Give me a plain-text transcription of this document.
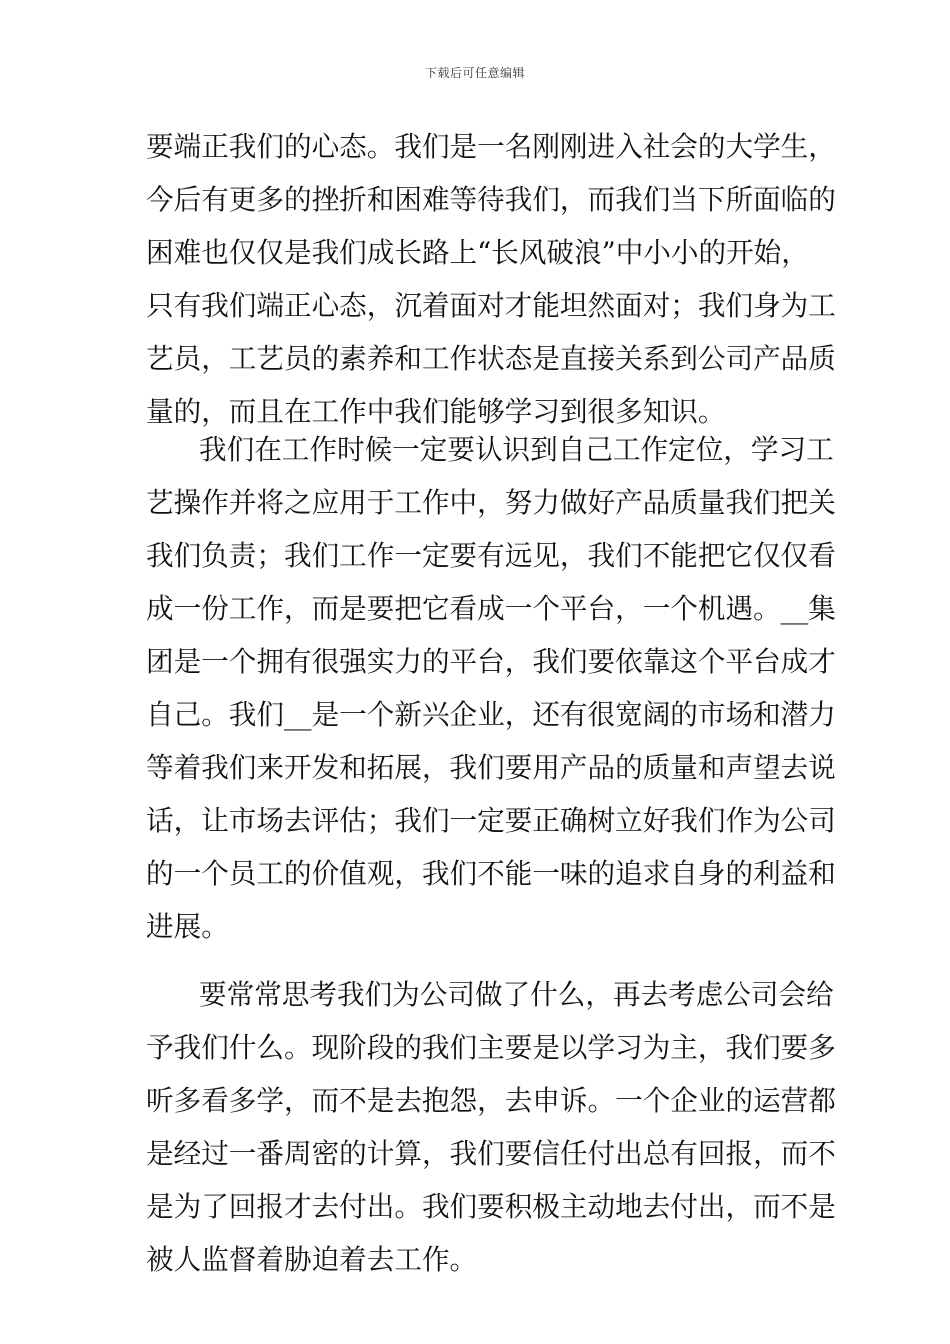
下载后可任意编辑
要端正我们的心态。我们是一名刚刚进入社会的大学生，
今后有更多的挫折和困难等待我们，而我们当下所面临的
困难也仅仅是我们成长路上“长风破浪”中小小的开始，
只有我们端正心态，沉着面对才能坦然面对；我们身为工
艺员，工艺员的素养和工作状态是直接关系到公司产品质
量的，而且在工作中我们能够学习到很多知识。
我们在工作时候一定要认识到自己工作定位，学习工
艺操作并将之应用于工作中，努力做好产品质量我们把关
我们负责；我们工作一定要有远见，我们不能把它仅仅看
成一份工作，而是要把它看成一个平台，一个机遇。__集
团是一个拥有很强实力的平台，我们要依靠这个平台成才
自己。我们__是一个新兴企业，还有很宽阔的市场和潜力
等着我们来开发和拓展，我们要用产品的质量和声望去说
话，让市场去评估；我们一定要正确树立好我们作为公司
的一个员工的价值观，我们不能一味的追求自身的利益和
进展。
要常常思考我们为公司做了什么，再去考虑公司会给
予我们什么。现阶段的我们主要是以学习为主，我们要多
听多看多学，而不是去抱怨，去申诉。一个企业的运营都
是经过一番周密的计算，我们要信任付出总有回报，而不
是为了回报才去付出。我们要积极主动地去付出，而不是
被人监督着胁迫着去工作。
